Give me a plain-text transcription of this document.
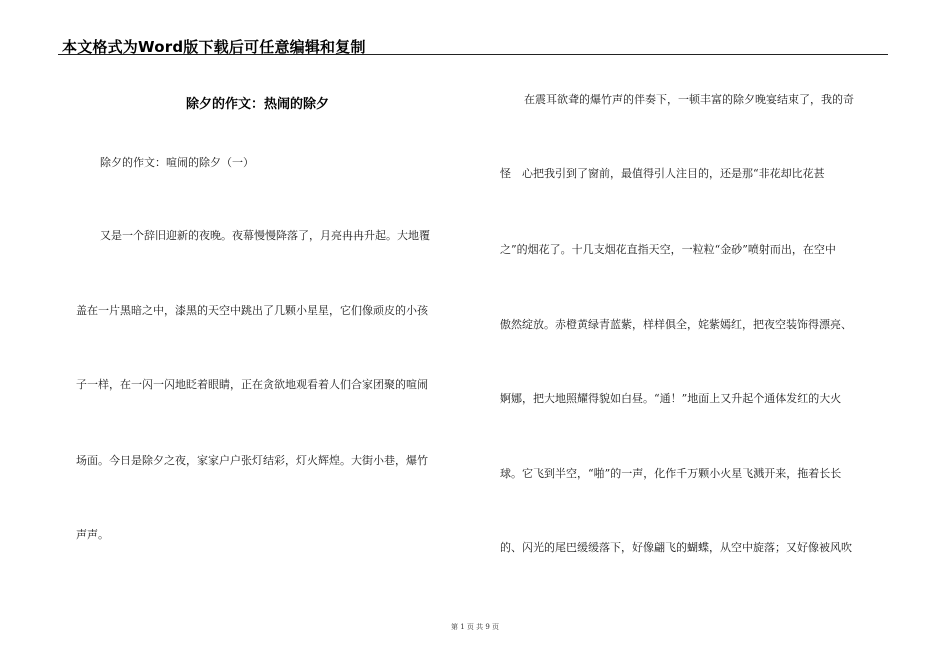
本文格式为Word版下载后可任意编辑和复制
除夕的作文：热闹的除夕
除夕的作文：喧闹的除夕（一）
又是一个辞旧迎新的夜晚。夜幕慢慢降落了，月亮冉冉升起。大地覆
盖在一片黑暗之中，漆黑的天空中跳出了几颗小星星，它们像顽皮的小孩
子一样，在一闪一闪地眨着眼睛，正在贪欲地观看着人们合家团聚的喧闹
场面。今日是除夕之夜，家家户户张灯结彩，灯火辉煌。大街小巷，爆竹
声声。
在震耳欲聋的爆竹声的伴奏下，一顿丰富的除夕晚宴结束了，我的奇
怪　心把我引到了窗前，最值得引人注目的，还是那“非花却比花甚
之”的烟花了。十几支烟花直指天空，一粒粒“金砂”喷射而出，在空中
傲然绽放。赤橙黄绿青蓝紫，样样俱全，姹紫嫣红，把夜空装饰得漂亮、
婀娜，把大地照耀得貌如白昼。“通！”地面上又升起个通体发红的大火
球。它飞到半空，“啪”的一声，化作千万颗小火星飞溅开来，拖着长长
的、闪光的尾巴缓缓落下，好像翩飞的蝴蝶，从空中旋落；又好像被风吹
第 1 页 共 9 页
